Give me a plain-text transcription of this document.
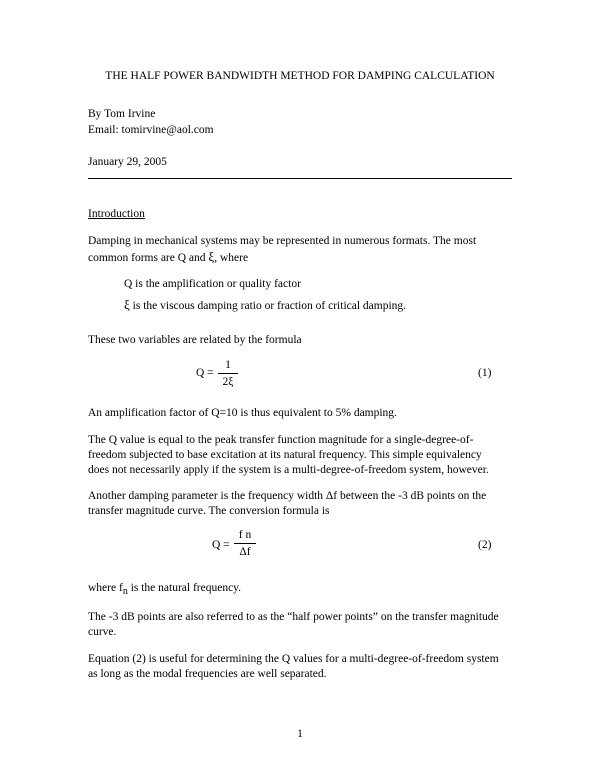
THE HALF POWER BANDWIDTH METHOD FOR DAMPING CALCULATION
By Tom Irvine
Email: tomirvine@aol.com
January 29, 2005
Introduction
Damping in mechanical systems may be represented in numerous formats. The most
common forms are Q and ξ, where
Q is the amplification or quality factor
ξ is the viscous damping ratio or fraction of critical damping.
These two variables are related by the formula
Q =
1
2ξ
(1)
An amplification factor of Q=10 is thus equivalent to 5% damping.
The Q value is equal to the peak transfer function magnitude for a single-degree-of-
freedom subjected to base excitation at its natural frequency. This simple equivalency
does not necessarily apply if the system is a multi-degree-of-freedom system, however.
Another damping parameter is the frequency width Δf between the -3 dB points on the
transfer magnitude curve. The conversion formula is
Q =
f n
Δf
(2)
where $f_n$ is the natural frequency.
The -3 dB points are also referred to as the “half power points” on the transfer magnitude
curve.
Equation (2) is useful for determining the Q values for a multi-degree-of-freedom system
as long as the modal frequencies are well separated.
1
